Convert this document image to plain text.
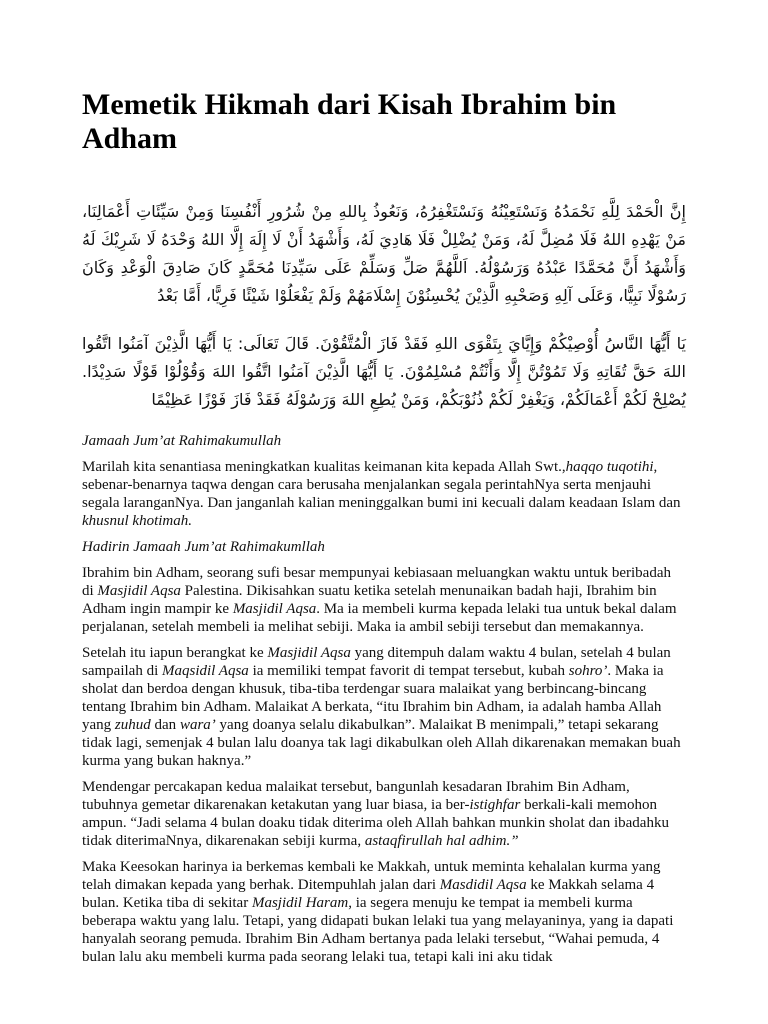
Memetik Hikmah dari Kisah Ibrahim bin Adham

إِنَّ الْحَمْدَ لِلَّهِ نَحْمَدُهُ وَنَسْتَعِيْنُهُ وَنَسْتَغْفِرُهُ، وَنَعُوذُ بِاللهِ مِنْ شُرُورِ أَنْفُسِنَا وَمِنْ سَيِّئَاتِ أَعْمَالِنَا، مَنْ يَهْدِهِ اللهُ فَلَا مُضِلَّ لَهُ، وَمَنْ يُضْلِلْ فَلَا هَادِيَ لَهُ، وَأَشْهَدُ أَنْ لَا إِلَهَ إِلَّا اللهُ وَحْدَهُ لَا شَرِيْكَ لَهُ وَأَشْهَدُ أَنَّ مُحَمَّدًا عَبْدُهُ وَرَسُوْلُهُ. اَللَّهُمَّ صَلِّ وَسَلِّمْ عَلَى سَيِّدِنَا مُحَمَّدٍ كَانَ صَادِقَ الْوَعْدِ وَكَانَ رَسُوْلًا نَبِيًّا، وَعَلَى آلِهِ وَصَحْبِهِ الَّذِيْنَ يُحْسِنُوْنَ إِسْلَامَهُمْ وَلَمْ يَفْعَلُوْا شَيْئًا فَرِيًّا، أَمَّا بَعْدُ

يَا أَيُّهَا النَّاسُ أُوْصِيْكُمْ وَإِيَّايَ بِتَقْوَى اللهِ فَقَدْ فَازَ الْمُتَّقُوْنَ. قَالَ تَعَالَى: يَا أَيُّهَا الَّذِيْنَ آمَنُوا اتَّقُوا اللهَ حَقَّ تُقَاتِهِ وَلَا تَمُوْتُنَّ إِلَّا وَأَنْتُمْ مُسْلِمُوْنَ. يَا أَيُّهَا الَّذِيْنَ آمَنُوا اتَّقُوا اللهَ وَقُوْلُوْا قَوْلًا سَدِيْدًا. يُصْلِحْ لَكُمْ أَعْمَالَكُمْ، وَيَغْفِرْ لَكُمْ ذُنُوْبَكُمْ، وَمَنْ يُطِعِ اللهَ وَرَسُوْلَهُ فَقَدْ فَازَ فَوْزًا عَظِيْمًا

Jamaah Jum’at Rahimakumullah

Marilah kita senantiasa meningkatkan kualitas keimanan kita kepada Allah Swt.,haqqo tuqotihi, sebenar-benarnya taqwa dengan cara berusaha menjalankan segala perintahNya serta menjauhi segala laranganNya. Dan janganlah kalian meninggalkan bumi ini kecuali dalam keadaan Islam dan khusnul khotimah.

Hadirin Jamaah Jum’at Rahimakumllah

Ibrahim bin Adham, seorang sufi besar mempunyai kebiasaan meluangkan waktu untuk beribadah di Masjidil Aqsa Palestina. Dikisahkan suatu ketika setelah menunaikan badah haji, Ibrahim bin Adham ingin mampir ke Masjidil Aqsa. Ma ia membeli kurma kepada lelaki tua untuk bekal dalam perjalanan, setelah membeli ia melihat sebiji. Maka ia ambil sebiji tersebut dan memakannya.

Setelah itu iapun berangkat ke Masjidil Aqsa yang ditempuh dalam waktu 4 bulan, setelah 4 bulan sampailah di Maqsidil Aqsa ia memiliki tempat favorit di tempat tersebut, kubah sohro’. Maka ia sholat dan berdoa dengan khusuk, tiba-tiba terdengar suara malaikat yang berbincang-bincang tentang Ibrahim bin Adham. Malaikat A berkata, “itu Ibrahim bin Adham, ia adalah hamba Allah yang zuhud dan wara’ yang doanya selalu dikabulkan”. Malaikat B menimpali,” tetapi sekarang tidak lagi, semenjak 4 bulan lalu doanya tak lagi dikabulkan oleh Allah dikarenakan memakan buah kurma yang bukan haknya.”

Mendengar percakapan kedua malaikat tersebut, bangunlah kesadaran Ibrahim Bin Adham, tubuhnya gemetar dikarenakan ketakutan yang luar biasa, ia ber-istighfar berkali-kali memohon ampun. “Jadi selama 4 bulan doaku tidak diterima oleh Allah bahkan munkin sholat dan ibadahku tidak diterimaNnya, dikarenakan sebiji kurma, astaqfirullah hal adhim.”

Maka Keesokan harinya ia berkemas kembali ke Makkah, untuk meminta kehalalan kurma yang telah dimakan kepada yang berhak. Ditempuhlah jalan dari Masdidil Aqsa ke Makkah selama 4 bulan. Ketika tiba di sekitar Masjidil Haram, ia segera menuju ke tempat ia membeli kurma beberapa waktu yang lalu. Tetapi, yang didapati bukan lelaki tua yang melayaninya, yang ia dapati hanyalah seorang pemuda. Ibrahim Bin Adham bertanya pada lelaki tersebut, “Wahai pemuda, 4 bulan lalu aku membeli kurma pada seorang lelaki tua, tetapi kali ini aku tidak
